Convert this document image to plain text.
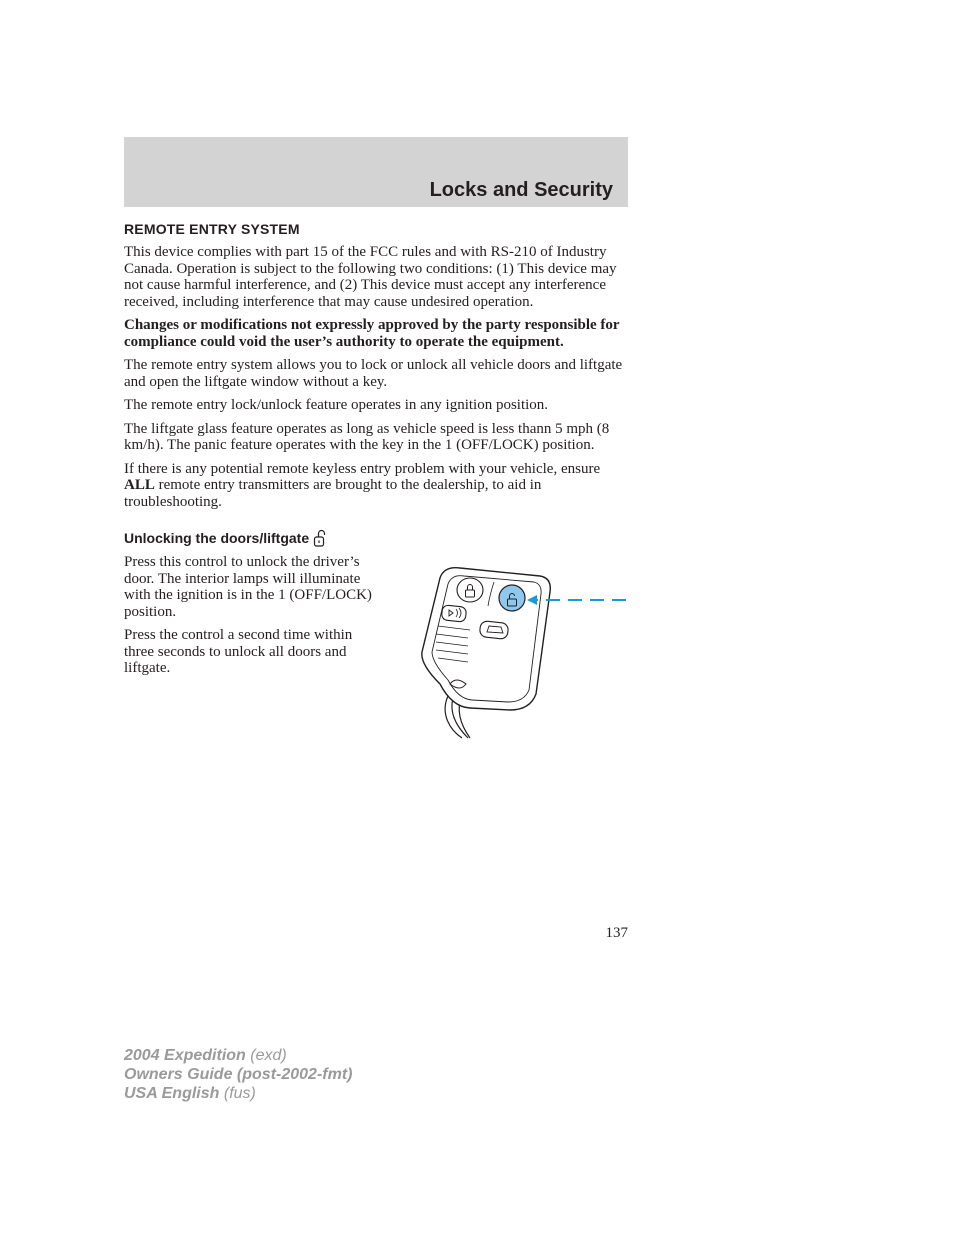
Locks and Security
REMOTE ENTRY SYSTEM

This device complies with part 15 of the FCC rules and with RS-210 of Industry Canada. Operation is subject to the following two conditions: (1) This device may not cause harmful interference, and (2) This device must accept any interference received, including interference that may cause undesired operation.

Changes or modifications not expressly approved by the party responsible for compliance could void the user’s authority to operate the equipment.

The remote entry system allows you to lock or unlock all vehicle doors and liftgate and open the liftgate window without a key.

The remote entry lock/unlock feature operates in any ignition position.

The liftgate glass feature operates as long as vehicle speed is less thann 5 mph (8 km/h). The panic feature operates with the key in the 1 (OFF/LOCK) position.

If there is any potential remote keyless entry problem with your vehicle, ensure ALL remote entry transmitters are brought to the dealership, to aid in troubleshooting.

Unlocking the doors/liftgate

Press this control to unlock the driver’s door. The interior lamps will illuminate with the ignition is in the 1 (OFF/LOCK) position.

Press the control a second time within three seconds to unlock all doors and liftgate.

137
2004 Expedition (exd)
Owners Guide (post-2002-fmt)
USA English (fus)
